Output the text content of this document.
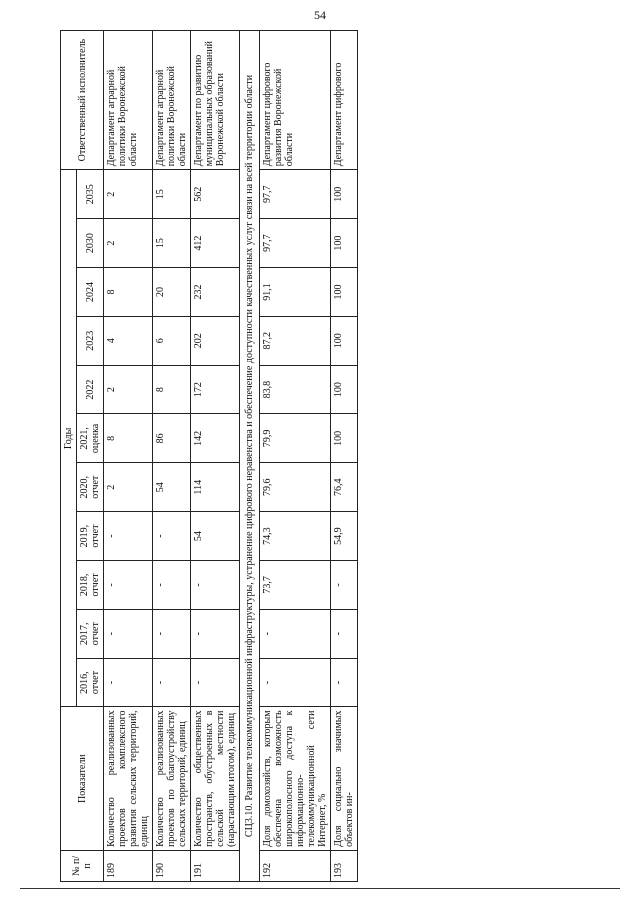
54
№ п/п	Показатели	Годы											Ответственный исполнитель
		2016, отчет	2017, отчет	2018, отчет	2019, отчет	2020, отчет	2021, оценка	2022	2023	2024	2030	2035	
189	Количество реализованных проектов комплексного развития сельских территорий, единиц	-	-	-	-	2	8	2	4	8	2	2	Департамент аграрной политики Воронежской области
190	Количество реализованных проектов по благоустройству сельских территорий, единиц	-	-	-	-	54	86	8	6	20	15	15	Департамент аграрной политики Воронежской области
191	Количество общественных пространств, обустроенных в сельской местности (нарастающим итогом), единиц	-	-	-	54	114	142	172	202	232	412	562	Департамент по развитию муниципальных образований Воронежской области
СЦ3.10. Развитие телекоммуникационной инфраструктуры, устранение цифрового неравенства и обеспечение доступности качественных услуг связи на всей территории области													
192	Доля домохозяйств, которым обеспечена возможность широкополосного доступа к информационно-телекоммуникационной сети Интернет, %	-	-	73,7	74,3	79,6	79,9	83,8	87,2	91,1	97,7	97,7	Департамент цифрового развития Воронежской области
193	Доля социально значимых объектов ин-	-	-	-	54,9	76,4	100	100	100	100	100	100	Департамент цифрового
